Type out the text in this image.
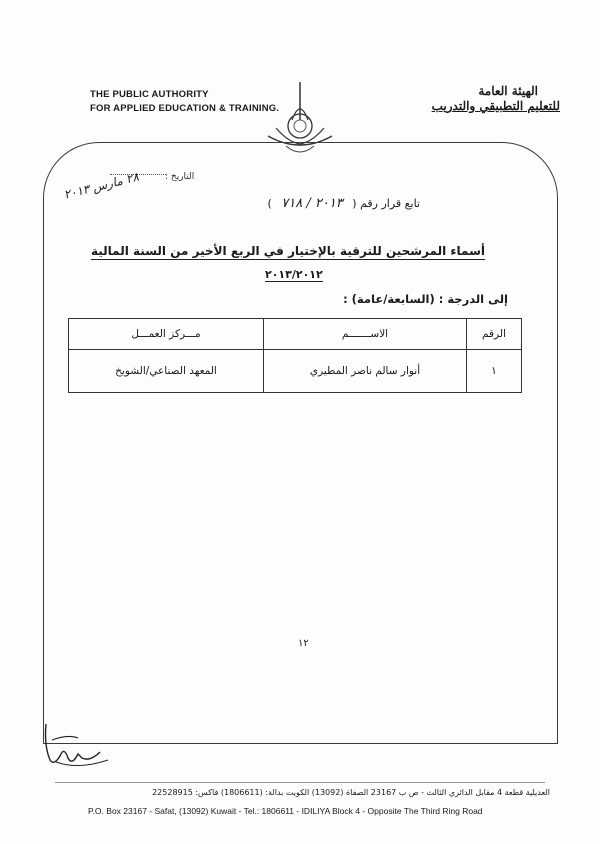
THE PUBLIC AUTHORITY
FOR APPLIED EDUCATION & TRAINING.
الهيئة العامة
للتعليم التطبيقي والتدريب
التاريخ :
٢٨ مارس ٢٠١٣
تابع قرار رقم ( ٢٠١٣ / ٧١٨ )
أسماء المرشحين للترقية بالإختيار في الربع الأخير من السنة المالية
٢٠١٣/٢٠١٢
إلى الدرجة : (السابعة/عامة) :
الرقم	الاســـــــم	مـــركز العمـــل
١	أنوار سالم ناصر المطيري	المعهد الصناعي/الشويخ
١٢
العديلية قطعة 4 مقابل الدائري الثالث - ص ب 23167 الصفاة (13092) الكويت بدالة: (1806611) فاكس: 22528915
P.O. Box 23167 - Safat, (13092) Kuwait - Tel.: 1806611 - IDILIYA Block 4 - Opposite The Third Ring Road
